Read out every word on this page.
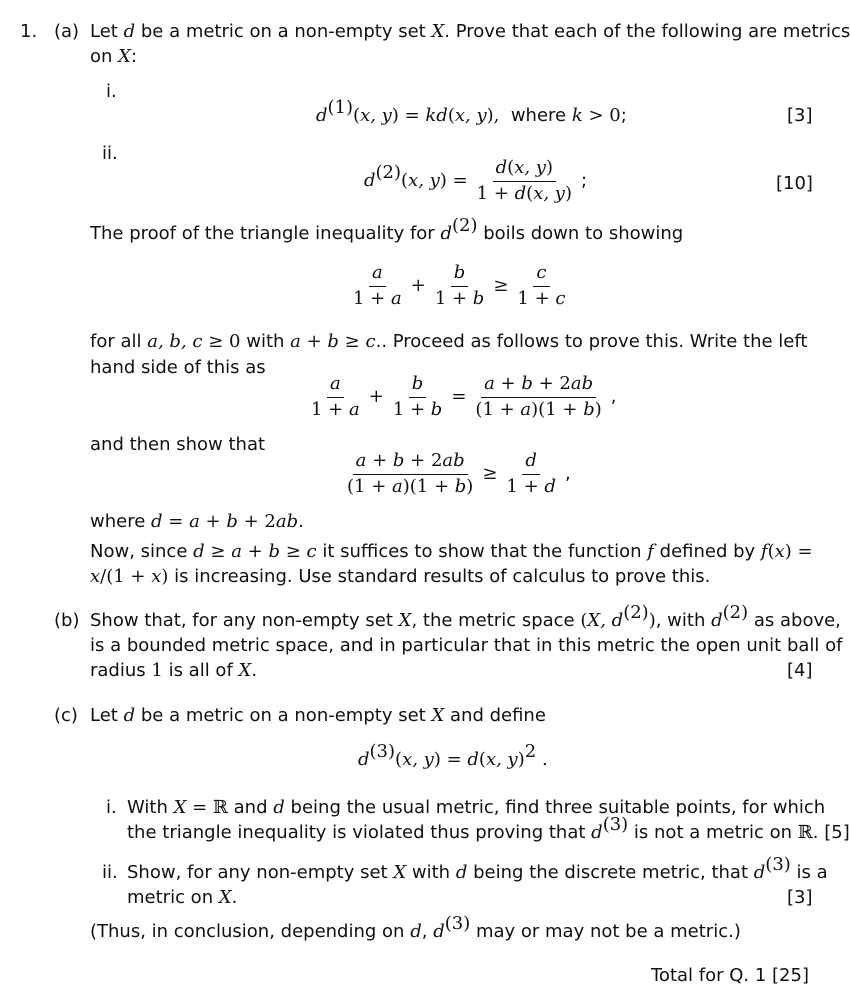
1. (a) Let d be a metric on a non-empty set X. Prove that each of the following are metrics
on X:
i.
$d^{(1)}(x$, y) = kd(x, y), where k > 0;	[3]
ii.
$d^{(2)}(x$, $y) = \frac{d(x, y)}{1 + d(x, y)}$ ;	[10]
The proof of the triangle inequality for $d^{(2)}$ boils down to showing
$\frac{a}{1 + a} + \frac{b}{1 + b} \ge \frac{c}{1 + c}$
for all a, b, c ≥ 0 with a + b ≥ c.. Proceed as follows to prove this. Write the left
hand side of this as
$\frac{a}{1 + a} + \frac{b}{1 + b} = \frac{a + b + 2ab}{(1 + a)(1 + b)}$ ,
and then show that
$\frac{a + b + 2ab}{(1 + a)(1 + b)} \ge \frac{d}{1 + d}$ ,
where d = a + b + 2ab.
Now, since d ≥ a + b ≥ c it suffices to show that the function f defined by f(x) =
x/(1 + x) is increasing. Use standard results of calculus to prove this.
(b) Show that, for any non-empty set X, the metric space (X, $d^{(2)}$), with $d^{(2)}$ as above,
is a bounded metric space, and in particular that in this metric the open unit ball of
radius 1 is all of X.	[4]
(c) Let d be a metric on a non-empty set X and define
$d^{(3)}(x$, y) = d(x, y)$^2$ .
i. With X = ℝ and d being the usual metric, find three suitable points, for which
the triangle inequality is violated thus proving that $d^{(3)}$ is not a metric on ℝ. [5]
ii. Show, for any non-empty set X with d being the discrete metric, that $d^{(3)}$ is a
metric on X.	[3]
(Thus, in conclusion, depending on d, $d^{(3)}$ may or may not be a metric.)
Total for Q. 1 [25]
